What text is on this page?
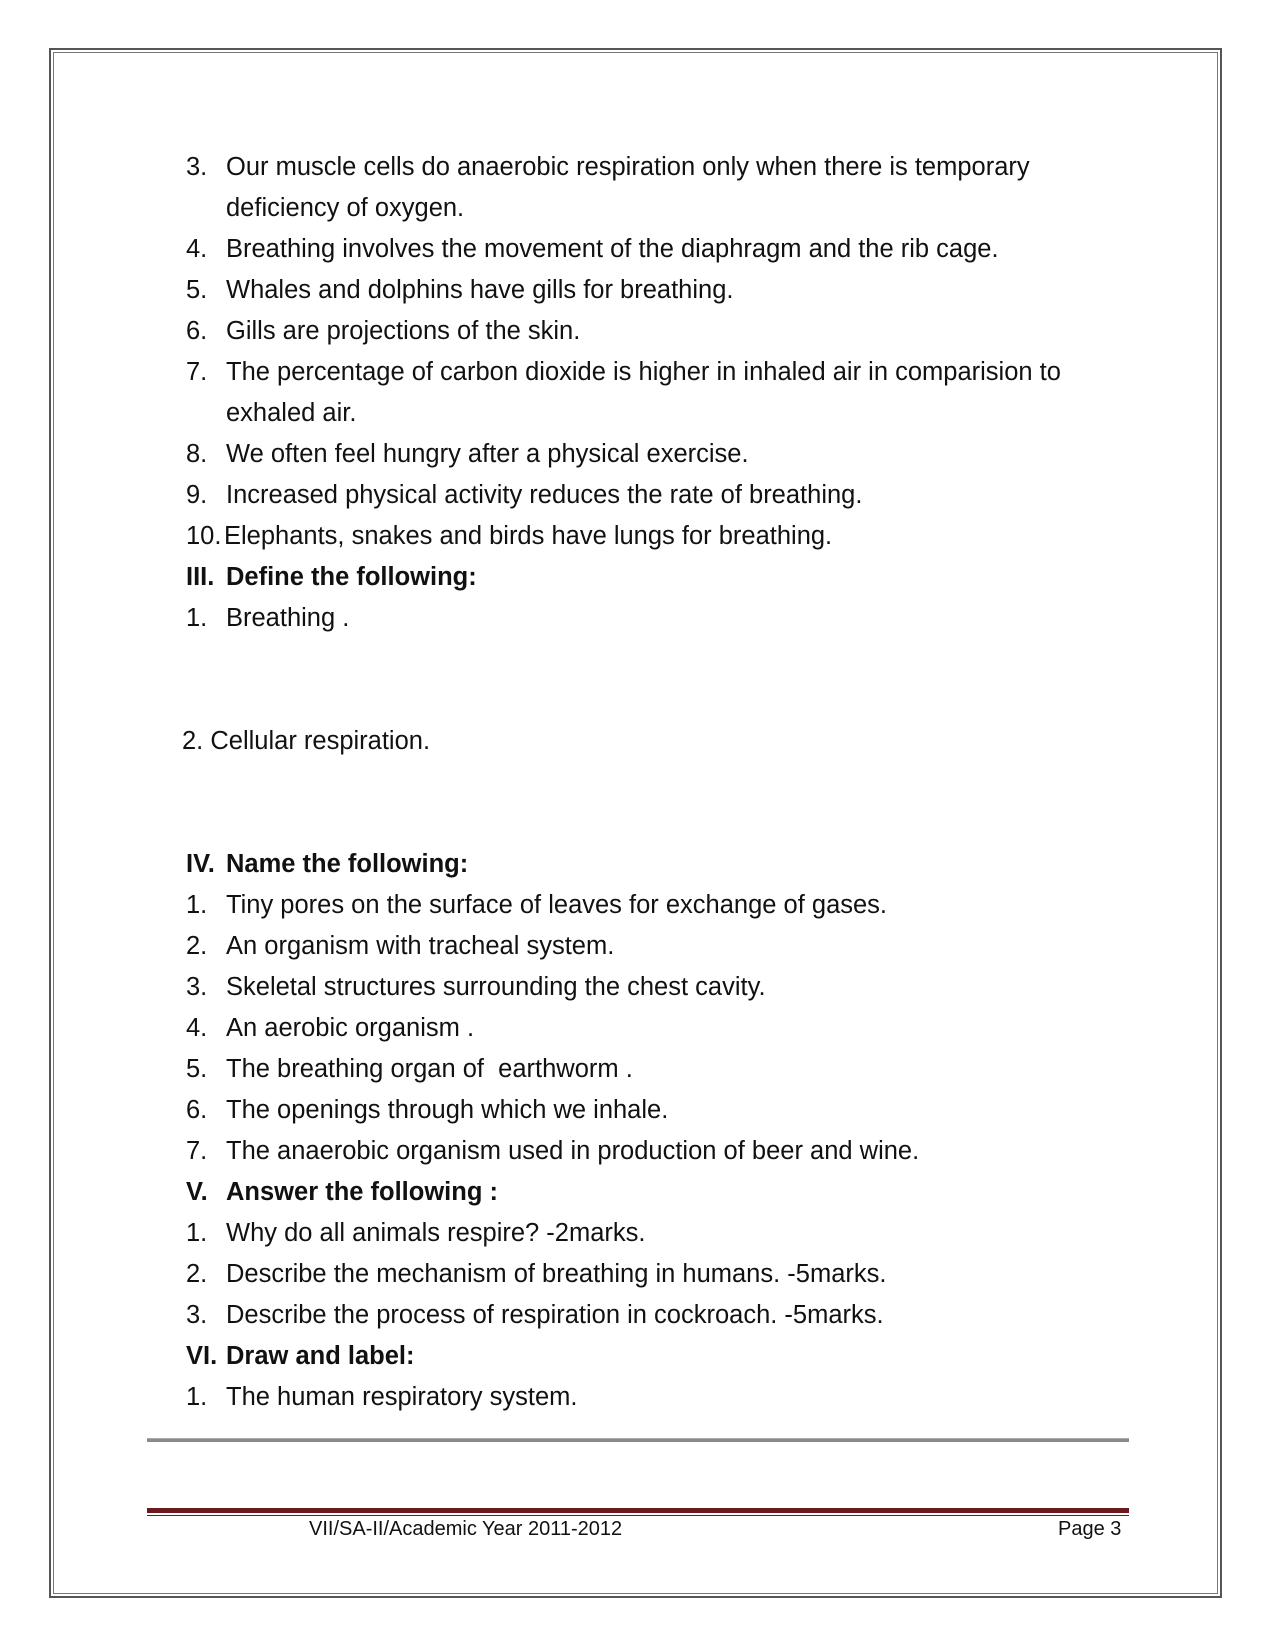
3. Our muscle cells do anaerobic respiration only when there is temporary deficiency of oxygen.
4. Breathing involves the movement of the diaphragm and the rib cage.
5. Whales and dolphins have gills for breathing.
6. Gills are projections of the skin.
7. The percentage of carbon dioxide is higher in inhaled air in comparision to exhaled air.
8. We often feel hungry after a physical exercise.
9. Increased physical activity reduces the rate of breathing.
10. Elephants, snakes and birds have lungs for breathing.
III. Define the following:
1. Breathing .
2. Cellular respiration.
IV. Name the following:
1. Tiny pores on the surface of leaves for exchange of gases.
2. An organism with tracheal system.
3. Skeletal structures surrounding the chest cavity.
4. An aerobic organism .
5. The breathing organ of  earthworm .
6. The openings through which we inhale.
7. The anaerobic organism used in production of beer and wine.
V. Answer the following :
1. Why do all animals respire? -2marks.
2. Describe the mechanism of breathing in humans. -5marks.
3. Describe the process of respiration in cockroach. -5marks.
VI. Draw and label:
1. The human respiratory system.
VII/SA-II/Academic Year 2011-2012	Page 3
